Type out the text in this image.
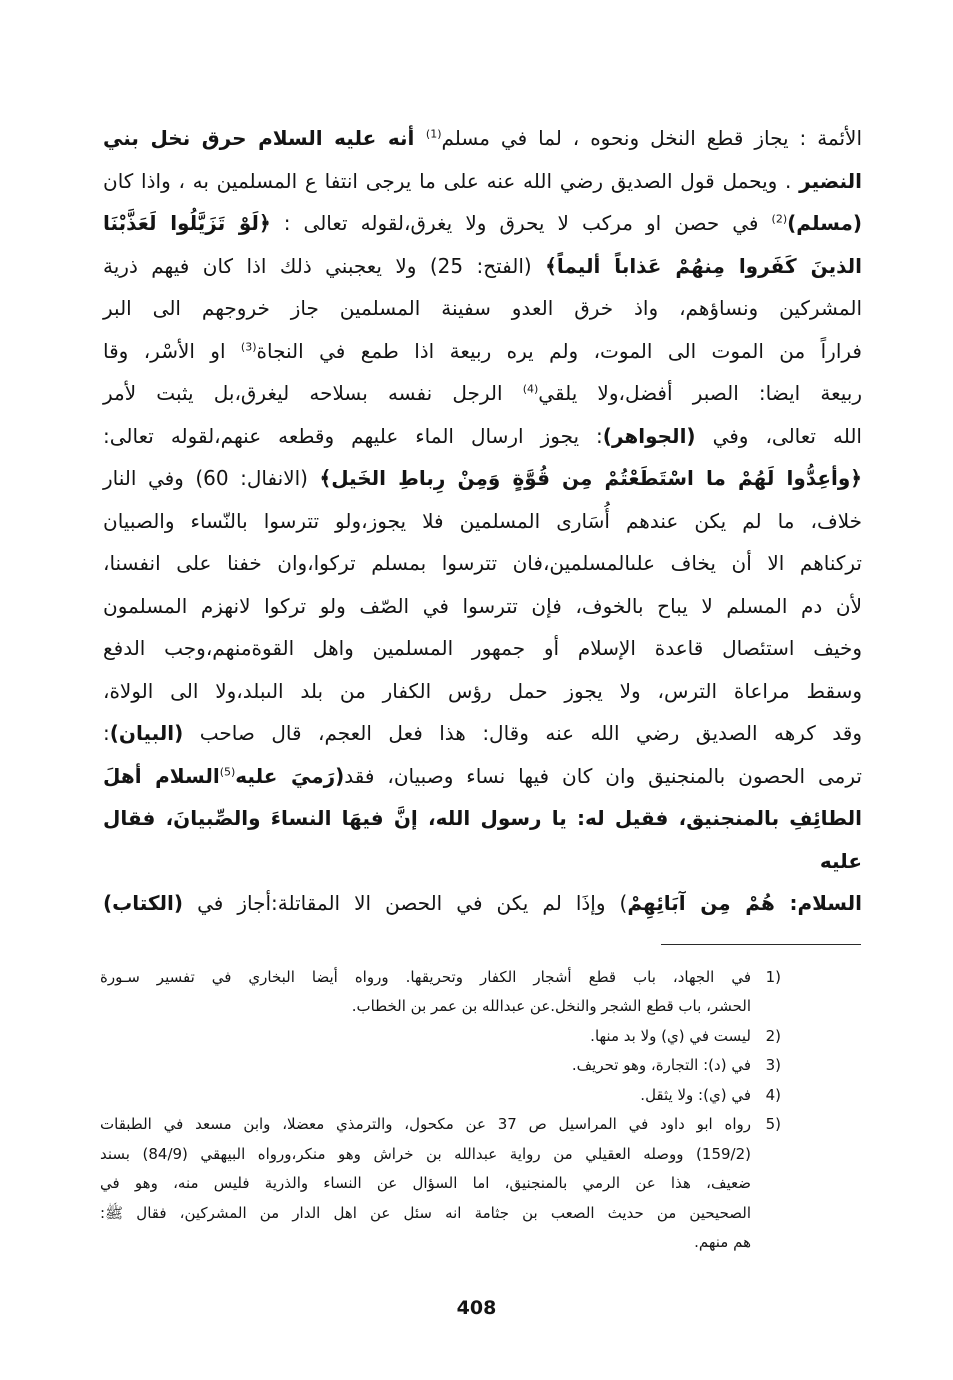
الأئمة : يجاز قطع النخل ونحوه ، لما في مسلم$^{(1)}$ أنه عليه السلام حرق نخل بني
النضير . ويحمل قول الصديق رضي الله عنه على ما يرجى انتفا ع المسلمين به ، واذا كان
(مسلم)$^{(2)}$ في حصن او مركب لا يحرق ولا يغرق،لقوله تعالى : ﴿لَوْ تَزَيَّلُوا لَعَذَّبْنَا
الذينَ كَفَروا مِنهُمْ عَذاباً أليماً﴾ (الفتح: 25) ولا يعجبني ذلك اذا كان فيهم ذرية
المشركين ونساؤهم، واذ خرق العدو سفينة المسلمين جاز خروجهم الى البر
فراراً من الموت الى الموت، ولم يره ربيعة اذا طمع في النجاة$^{(3)}$ او الأسْر، وقا
ربيعة ايضا: الصبر أفضل،ولا يلقي$^{(4)}$ الرجل نفسه بسلاحه ليغرق،بل يثبت لأمر
الله تعالى، وفي (الجواهر): يجوز ارسال الماء عليهم وقطعه عنهم،لقوله تعالى:
﴿وأعِدُّوا لَهُمْ ما اسْتَطَعْتُمْ مِن قُوَّةٍ وَمِنْ رِباطِ الخَيل﴾ (الانفال: 60) وفي النار
خلاف، ما لم يكن عندهم أُسَارى المسلمين فلا يجوز،ولو تترسوا بالنّساء والصبيان
تركناهم الا أن يخاف علىالمسلمين،فان تترسوا بمسلم تركوا،وان خفنا على انفسنا،
لأن دم المسلم لا يباح بالخوف، فإن تترسوا في الصّف ولو تركوا لانهزم المسلمون
وخيف استئصال قاعدة الإسلام أو جمهور المسلمين واهل القوةمنهم،وجب الدفع
وسقط مراعاة الترس، ولا يجوز حمل رؤس الكفار من بلد الىبلد،ولا الى الولاة،
وقد كرهه الصديق رضي الله عنه وقال: هذا فعل العجم، قال صاحب (البيان):
ترمى الحصون بالمنجنيق وان كان فيها نساء وصبيان، فقد(رَميَ عليه$^{(5)}$السلام أهلَ
الطائِفِ بالمنجنيق، فقيل له: يا رسول الله، إنَّ فيهَا النساءَ والصِّبيانَ، فقال عليه
السلام: هُمْ مِن آبَائِهِمْ) وإذَا لم يكن في الحصن الا المقاتلة:أجاز في (الكتاب)
1)
في الجهاد، باب قطع أشجار الكفار وتحريقها. ورواه أيضا البخاري في تفسير سـورة
الحشر، باب قطع الشجر والنخل.عن عبدالله بن عمر بن الخطاب.
2)
ليست في (ي) ولا بد منها.
3)
في (د): التجارة، وهو تحريف.
4)
في (ي): ولا يثقل.
5)
رواه ابو داود في المراسيل ص 37 عن مكحول، والترمذي معضلا، وابن مسعد في الطبقات
(159/2) ووصله العقيلي من رواية عبدالله بن خراش وهو منكر،ورواه البيهقي (84/9) بسند
ضعيف، هذا عن الرمي بالمنجنيق، اما السؤال عن النساء والذرية فليس منه، وهو في
الصحيحين من حديث الصعب بن جثامة انه سئل عن اهل الدار من المشركين، فقال ﷺ:
هم منهم.
408
